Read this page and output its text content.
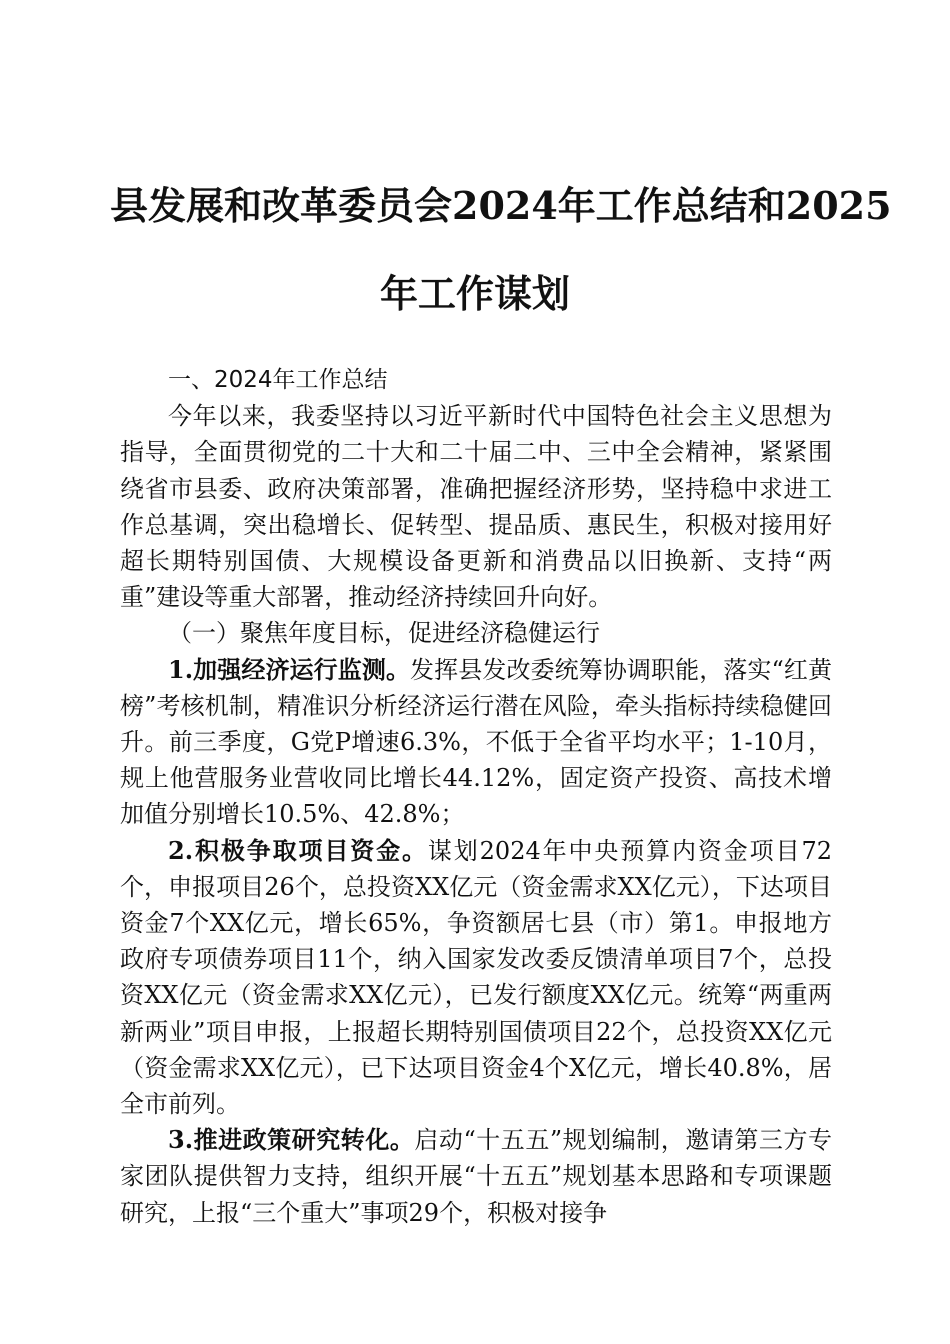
县发展和改革委员会2024年工作总结和2025
年工作谋划

一、2024年工作总结

今年以来，我委坚持以习近平新时代中国特色社会主义思想为指导，全面贯彻党的二十大和二十届二中、三中全会精神，紧紧围绕省市县委、政府决策部署，准确把握经济形势，坚持稳中求进工作总基调，突出稳增长、促转型、提品质、惠民生，积极对接用好超长期特别国债、大规模设备更新和消费品以旧换新、支持“两重”建设等重大部署，推动经济持续回升向好。

（一）聚焦年度目标，促进经济稳健运行

1.加强经济运行监测。发挥县发改委统筹协调职能，落实“红黄榜”考核机制，精准识分析经济运行潜在风险，牵头指标持续稳健回升。前三季度，G党P增速6.3%，不低于全省平均水平；1-10月，规上他营服务业营收同比增长44.12%，固定资产投资、高技术增加值分别增长10.5%、42.8%；

2.积极争取项目资金。谋划2024年中央预算内资金项目72个，申报项目26个，总投资XX亿元（资金需求XX亿元），下达项目资金7个XX亿元，增长65%，争资额居七县（市）第1。申报地方政府专项债券项目11个，纳入国家发改委反馈清单项目7个，总投资XX亿元（资金需求XX亿元），已发行额度XX亿元。统筹“两重两新两业”项目申报，上报超长期特别国债项目22个，总投资XX亿元（资金需求XX亿元），已下达项目资金4个X亿元，增长40.8%，居全市前列。

3.推进政策研究转化。启动“十五五”规划编制，邀请第三方专家团队提供智力支持，组织开展“十五五”规划基本思路和专项课题研究，上报“三个重大”事项29个，积极对接争
